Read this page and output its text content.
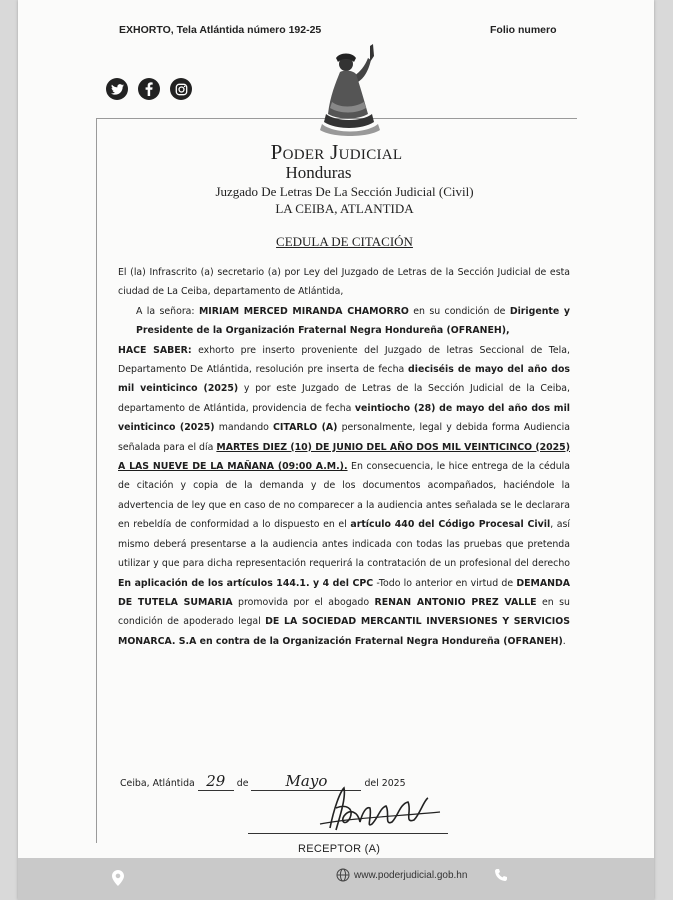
EXHORTO, Tela Atlántida número 192-25	Folio numero
Poder Judicial
Honduras
Juzgado De Letras De La Sección Judicial (Civil)
LA CEIBA, ATLANTIDA
CEDULA DE CITACIÓN

El (la) Infrascrito (a) secretario (a) por Ley del Juzgado de Letras de la Sección Judicial de esta ciudad de La Ceiba, departamento de Atlántida,

A la señora: MIRIAM MERCED MIRANDA CHAMORRO en su condición de Dirigente y Presidente de la Organización Fraternal Negra Hondureña (OFRANEH),

HACE SABER: exhorto pre inserto proveniente del Juzgado de letras Seccional de Tela, Departamento De Atlántida, resolución pre inserta de fecha dieciséis de mayo del año dos mil veinticinco (2025) y por este Juzgado de Letras de la Sección Judicial de la Ceiba, departamento de Atlántida, providencia de fecha veintiocho (28) de mayo del año dos mil veinticinco (2025) mandando CITARLO (A) personalmente, legal y debida forma Audiencia señalada para el día MARTES DIEZ (10) DE JUNIO DEL AÑO DOS MIL VEINTICINCO (2025) A LAS NUEVE DE LA MAÑANA (09:00 A.M.). En consecuencia, le hice entrega de la cédula de citación y copia de la demanda y de los documentos acompañados, haciéndole la advertencia de ley que en caso de no comparecer a la audiencia antes señalada se le declarara en rebeldía de conformidad a lo dispuesto en el artículo 440 del Código Procesal Civil, así mismo deberá presentarse a la audiencia antes indicada con todas las pruebas que pretenda utilizar y que para dicha representación requerirá la contratación de un profesional del derecho En aplicación de los artículos 144.1. y 4 del CPC -Todo lo anterior en virtud de DEMANDA DE TUTELA SUMARIA promovida por el abogado RENAN ANTONIO PREZ VALLE en su condición de apoderado legal DE LA SOCIEDAD MERCANTIL INVERSIONES Y SERVICIOS MONARCA. S.A en contra de la Organización Fraternal Negra Hondureña (OFRANEH).

Ceiba, Atlántida 29 de Mayo	del 2025
RECEPTOR (A)
www.poderjudicial.gob.hn
